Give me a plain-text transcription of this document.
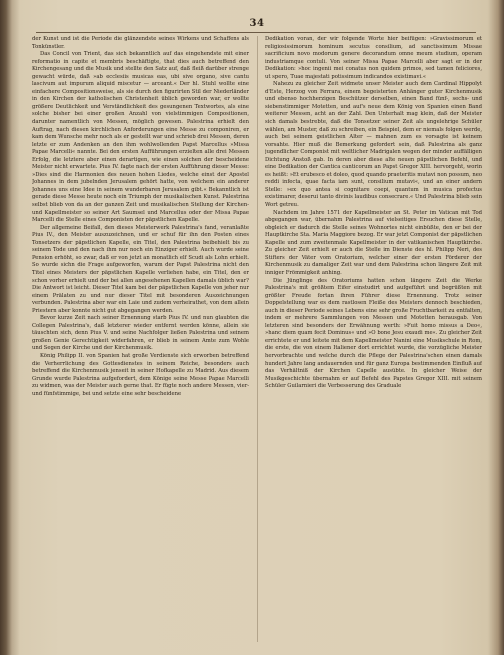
34

der Kunst und ist die Periode die glänzendste seines Wirkens und Schaffens als Tonkünstler.

Das Concil von Trient, das sich bekanntlich auf das eingehendste mit einer reformatio in capite et membris beschäftigte, that dies auch betreffend den Kirchengesang und die Musik und stellte den Satz auf, daß fleiß darüber strenge gewacht würde, daß »ab ecclesiis musicas eas, ubi sive organo, sive cantu lascivum aut impurum aliquid miscetur — arceant.« Der hl. Stuhl wollte eine einfachere Compositionsweise, als sie durch den figurirten Stil der Niederländer in den Kirchen der katholischen Christenheit üblich geworden war, er wollte größere Deutlichkeit und Verständlichkeit des gesungenen Textwortes, als eine solche bisher bei einer großen Anzahl von vielstimmigen Compositionen, darunter namentlich von Messen, möglich gewesen. Palestrina erhielt den Auftrag, nach diesen kirchlichen Anforderungen eine Messe zu componiren, er kam dem Wunsche mehr noch als er gestellt war und schrieb drei Messen, deren letzte er zum Andenken an den ihm wohlwollenden Papst Marcellus »Missa Papae Marcelli« nannte. Bei den ersten Aufführungen erzielten alle drei Messen Erfolg, die letztere aber einen derartigen, wie einen solchen der bescheidene Meister nicht erwartete. Pius IV. fagte nach der ersten Aufführung dieser Messe: »Dies sind die Harmonien des neuen hohen Liedes, welche einst der Apostel Johannes in dem jubelnden Jerusalem gehört hatte, von welchem ein anderer Johannes uns eine Idee in seinem wunderbaren Jerusalem gibt.« Bekanntlich ist gerade diese Messe heute noch ein Triumph der musikalischen Kunst. Palestrina selbst blieb von da an der ganzen Zeit und musikalischen Stellung der Kirchen- und Kapellmeister so seiner Art Saumsel und Marcellus oder der Missa Papae Marcelli die Stelle eines Componisten der päpstlichen Kapelle.

Der allgemeine Beifall, den dieses Meisterwerk Palestrina's fand, veranlaßte Pius IV., den Meister auszuzeichnen, und er schuf für ihn den Posten eines Tonsetzers der päpstlichen Kapelle, ein Titel, den Palestrina beibehielt bis zu seinem Tode und den nach ihm nur noch ein Einziger erhielt. Auch wurde seine Pension erhöht, so zwar, daß er von jetzt an monatlich elf Scudi als Lohn erhielt. So wurde sichn die Frage aufgeworfen, warum der Papst Palestrina nicht den Titel eines Meisters der päpstlichen Kapelle verliehen habe, ein Titel, den er schon vorher erhielt und der bei allen angesehenen Kapellen damals üblich war? Die Antwort ist leicht. Dieser Titel kam bei der päpstlichen Kapelle von jeher nur einem Prälaten zu und nur dieser Titel mit besonderen Auszeichnungen verbunden. Palestrina aber war ein Laie und zudem verheirathet, von dem allein Priestern aber konnte nicht gut abgegangen werden.

Bevor kurze Zeit nach seiner Ernennung starb Pius IV. und nun glaubten die Collegen Palestrina's, daß letzterer wieder entfernt werden könne, allein sie täuschten sich, denn Pius V. und seine Nachfolger ließen Palestrina und seinem großen Genie Gerechtigkeit widerfahren, er blieb in seinem Amte zum Wohle und Segen der Kirche und der Kirchenmusik.

König Philipp II. von Spanien hat große Verdienste sich erworben betreffend die Verherrlichung des Gottesdienstes in seinem Reiche, besonders auch betreffend die Kirchenmusik jenseit in seiner Hofkapelle zu Madrid. Aus diesem Grunde wurde Palestrina aufgefordert, dem Könige seine Messe Papae Marcelli zu widmen, was der Meister auch gerne that. Er fügte noch andere Messen, vier- und fünfstimmige, bei und setzte eine sehr bescheidene

Dedikation voran, der wir folgende Worte hier beifügen: »Gravissimorum et religiosissimorum hominum secutus consilium, ad sanctissimum Missae sacrificium novo modorum genere decorandum omne meum studium, operam industriamque contuli. Von seiner Missa Papae Marcelli aber sagt er in der Dedikation: »hoc ingenii mei conatus non quidem primos, sed tamen feliciores, ut spero, Tuae majestati potissimum indicandos existimavi.«

Nahezu zu gleicher Zeit widmete unser Meister auch dem Cardinal Hippolyt d'Este, Herzog von Ferrara, einem begeisterten Anhänger guter Kirchenmusik und ebenso hochherzigen Beschützer derselben, einen Band fünf-, sechs- und siebenstimmiger Motetten, und auf's neue dem König von Spanien einen Band weiterer Messen, acht an der Zahl. Den Unterhalt mag klein, daß der Meister sich damals bestrebte, daß die Tonsetzer seiner Zeit als ungelehrige Schüler wählen, am Muster, daß zu schreiben, ein Beispiel, dem er niemals folgen werde, auch bei seinem geistlichen Alter — mahnen zum es vorsagte ist keinem vorsahte. Hier muß die Bemerkung gefordert sein, daß Palestrina als ganz jugendlicher Componist mit weltlicher Madrigalen wegen der minder auffälligen Dichtung Anstoß gab. In deren aber diese alte neuen päpstlichen Befehl, und eine Dedikation der Cantica canticorum an Papst Gregor XIII. hervorgeht, worin es heißt: »Et erubesco et doleo, quod quando praeteritis mutavi non possum, neo reddi infecta, quae facta iam sunt, consilium mutavi«, und an einer andern Stelle: »ex quo antea si cognitare coepi, quantum in musica profectus existimarer, deserui tanto divinis laudibus consecrare.« Und Palestrina blieb sein Wort getreu.

Nachdem im Jahre 1571 der Kapellmeister an St. Peter im Vatican mit Tod abgegangen war, übernahm Palestrina auf vielseitiges Ersuchen diese Stelle, obgleich er dadurch die Stelle seines Wohnortes nicht einbüßte, den er bei der Hauptkirche Sta. Maria Maggiore bezog. Er war jetzt Componist der päpstlichen Kapelle und zum zweitenmale Kapellmeister in der vatikanischen Hauptkirche. Zu gleicher Zeit erhielt er auch die Stelle im Dienste des hl. Philipp Neri, des Stifters der Väter vom Oratorium, welcher einer der ersten Förderer der Kirchenmusik zu damaliger Zeit war und dem Palestrina schon längere Zeit mit inniger Frömmigkeit anhing.

Die Jünglinge des Oratoriums hatten schon längere Zeit die Werke Palestrina's mit größtem Eifer einstudirt und aufgeführt und begrüßten mit größter Freude fortan ihren Führer diese Ernennung. Trotz seiner Doppelstellung war es dem rastlosen Fleiße des Meisters dennoch beschieden, auch in dieser Periode seines Lebens eine sehr große Fruchtbarkeit zu entfalten, indem er mehrere Sammlungen von Messen und Motetten herausgab. Von letzteren sind besonders der Erwähnung werth: »Fuit homo missus a Deo«, »hanc diem quam fecit Dominus« und »O bone Jesu exaudi me«. Zu gleicher Zeit errichtete er und leitete mit dem Kapellmeister Nanini eine Musikschule in Rom, die erste, die von einem Italiener dort errichtet wurde, die vorzügliche Meister hervorbrachte und welche durch die Pflege der Palestrina'schen einen damals hundert Jahre lang andauernden und für ganz Europa bestimmenden Einfluß auf das Verhältniß der Kirchen Capelle ausübte. In gleicher Weise der Musikgeschichte übernahm er auf Befehl des Papstes Gregor XIII. mit seinem Schüler Guilarnieri die Verbesserung des Graduale
